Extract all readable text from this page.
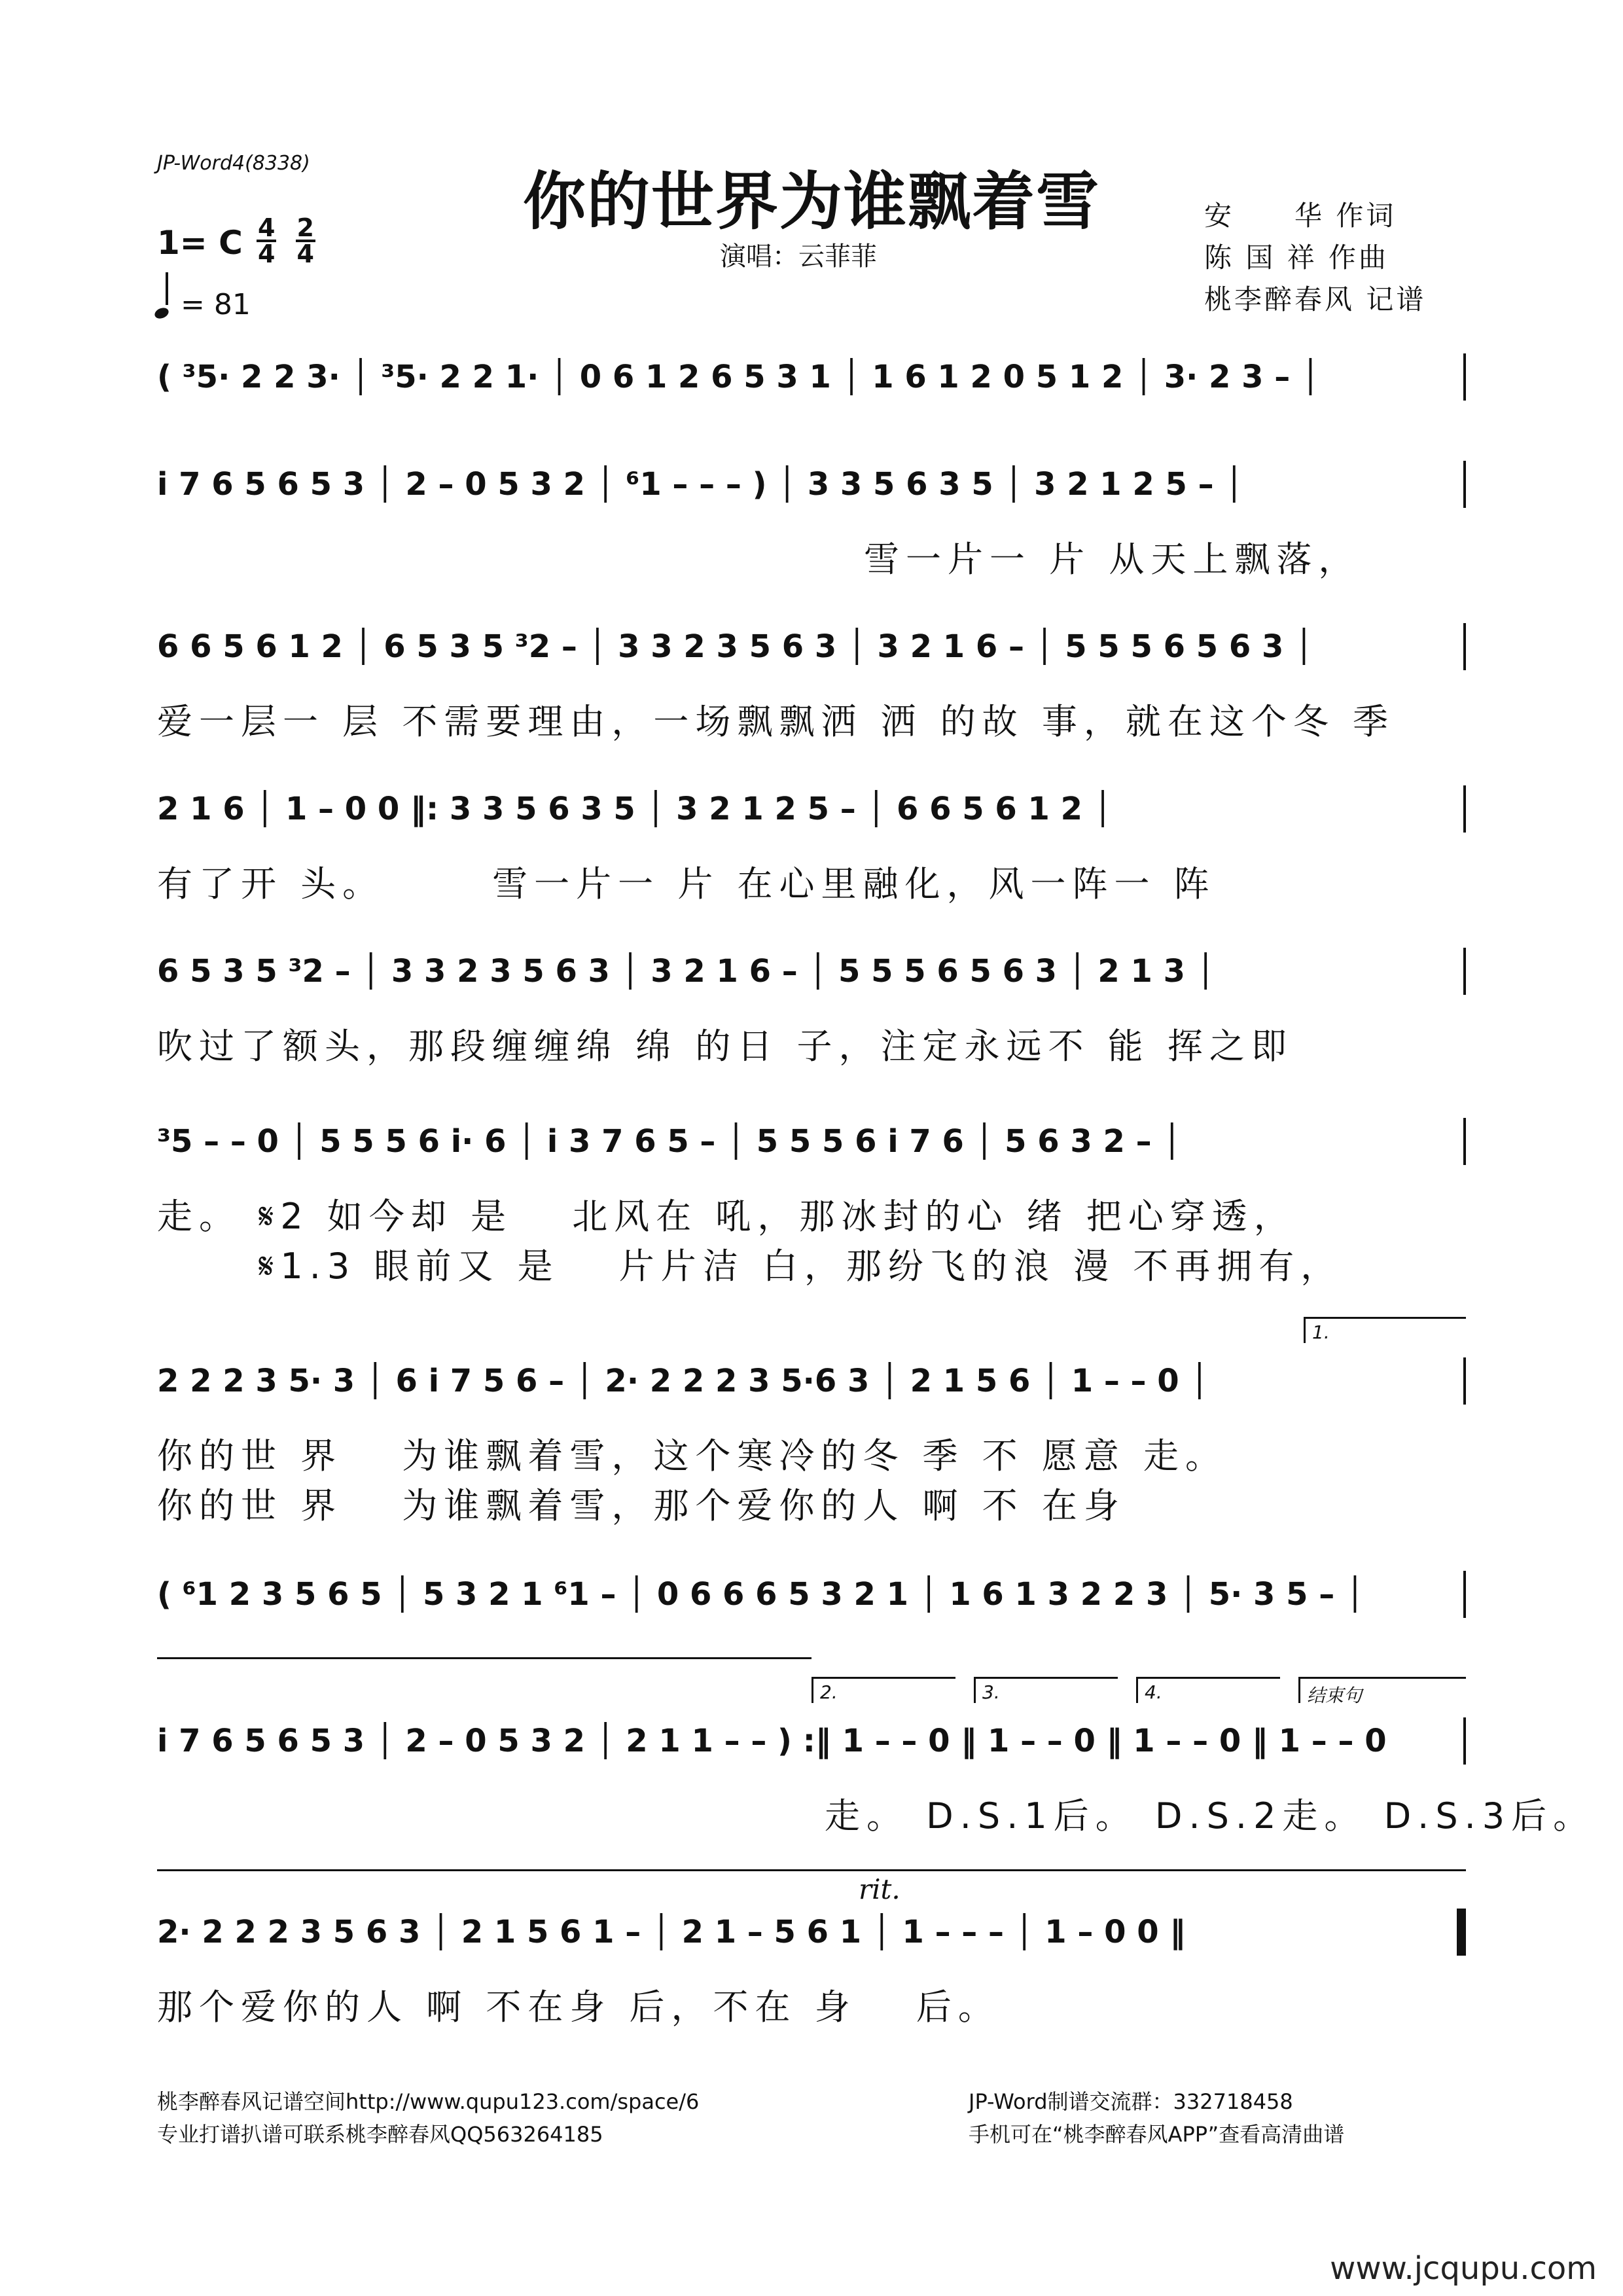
JP-Word4(8338)
你的世界为谁飘着雪
演唱：云菲菲
安　　华 作词
陈 国 祥 作曲
桃李醉春风 记谱
1= C $\frac{4}{4}$
$\frac{2}{4}$
= 81
( ³5· 2 2 3· │ ³5· 2 2 1· │ 0 6 1 2 6 5 3 1 │ 1 6 1 2 0 5 1 2 │ 3· 2 3 – │
i 7 6 5 6 5 3 │ 2 – 0 5 3 2 │ ⁶1 – – – ) │ 3 3 5 6 3 5 │ 3 2 1 2 5 – │
雪一片一 片 从天上飘落，
6 6 5 6 1 2 │ 6 5 3 5 ³2 – │ 3 3 2 3 5 6 3 │ 3 2 1 6 – │ 5 5 5 6 5 6 3 │
爱一层一 层 不需要理由，一场飘飘洒 洒 的故 事，就在这个冬 季
2 1 6 │ 1 – 0 0 ‖: 3 3 5 6 3 5 │ 3 2 1 2 5 – │ 6 6 5 6 1 2 │
有了开 头。　　　雪一片一 片 在心里融化，风一阵一 阵
6 5 3 5 ³2 – │ 3 3 2 3 5 6 3 │ 3 2 1 6 – │ 5 5 5 6 5 6 3 │ 2 1 3 │
吹过了额头，那段缠缠绵 绵 的日 子，注定永远不 能 挥之即
³5 – – 0 │ 5 5 5 6 i· 6 │ i 3 7 6 5 – │ 5 5 5 6 i 7 6 │ 5 6 3 2 – │
走。 𝄋2 如今却 是　 北风在 吼，那冰封的心 绪 把心穿透，
　　 𝄋1.3 眼前又 是　 片片洁 白，那纷飞的浪 漫 不再拥有，
1.
2 2 2 3 5· 3 │ 6 i 7 5 6 – │ 2· 2 2 2 3 5·6 3 │ 2 1 5 6 │ 1 – – 0 │
你的世 界　 为谁飘着雪，这个寒冷的冬 季 不 愿意 走。
你的世 界　 为谁飘着雪，那个爱你的人 啊 不 在身
( ⁶1 2 3 5 6 5 │ 5 3 2 1 ⁶1 – │ 0 6 6 6 5 3 2 1 │ 1 6 1 3 2 2 3 │ 5· 3 5 – │
2.	3.	4.	结束句
i 7 6 5 6 5 3 │ 2 – 0 5 3 2 │ 2 1 1 – – ) :‖ 1 – – 0 ‖ 1 – – 0 ‖ 1 – – 0 ‖ 1 – – 0
走。 D.S.1后。 D.S.2走。 D.S.3后。
rit.
2· 2 2 2 3 5 6 3 │ 2 1 5 6 1 – │ 2 1 – 5 6 1 │ 1 – – – │ 1 – 0 0 ‖
那个爱你的人 啊 不在身 后，不在 身　 后。
桃李醉春风记谱空间http://www.qupu123.com/space/6
专业打谱扒谱可联系桃李醉春风QQ563264185
JP-Word制谱交流群：332718458
手机可在“桃李醉春风APP”查看高清曲谱
www.jcqupu.com
